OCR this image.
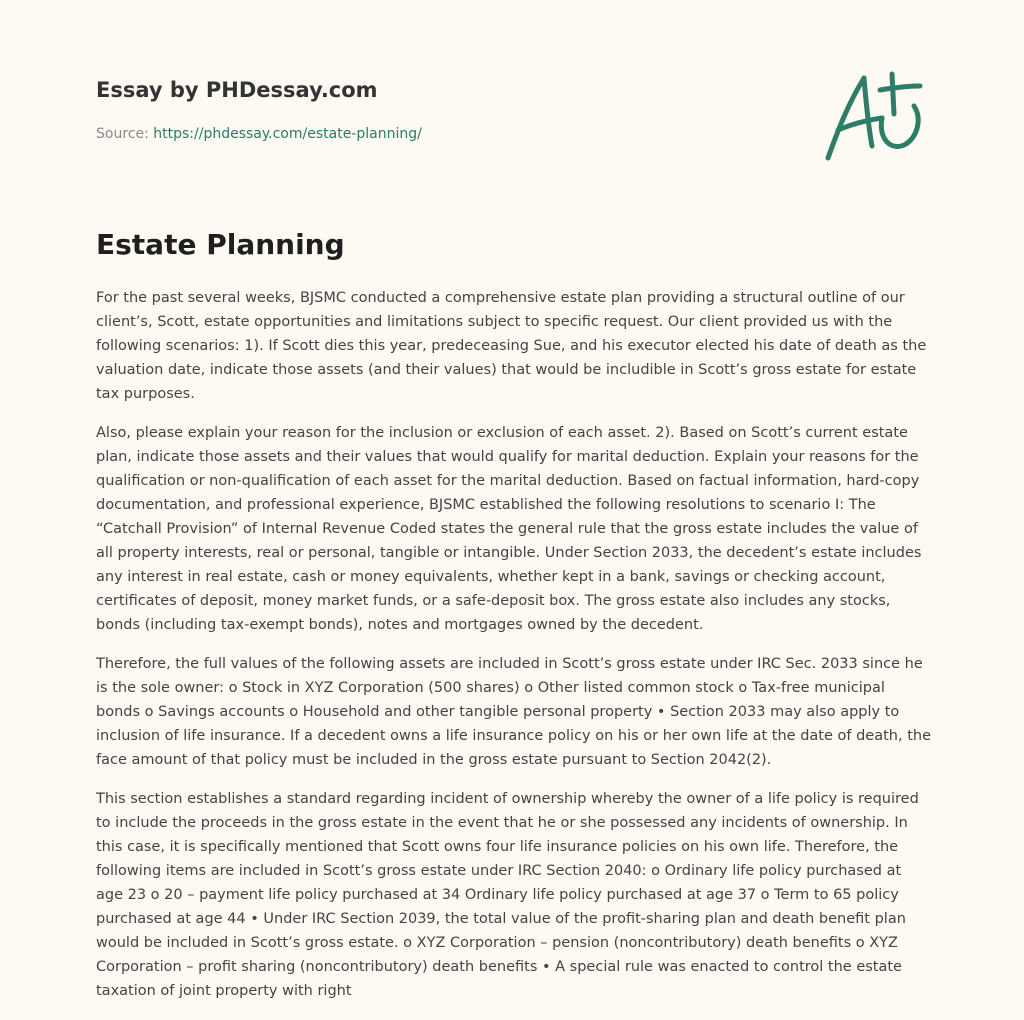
Essay by PHDessay.com
Source: https://phdessay.com/estate-planning/
Estate Planning

For the past several weeks, BJSMC conducted a comprehensive estate plan providing a structural outline of our client’s, Scott, estate opportunities and limitations subject to specific request. Our client provided us with the following scenarios: 1). If Scott dies this year, predeceasing Sue, and his executor elected his date of death as the valuation date, indicate those assets (and their values) that would be includible in Scott’s gross estate for estate tax purposes.

Also, please explain your reason for the inclusion or exclusion of each asset. 2). Based on Scott’s current estate plan, indicate those assets and their values that would qualify for marital deduction. Explain your reasons for the qualification or non-qualification of each asset for the marital deduction. Based on factual information, hard-copy documentation, and professional experience, BJSMC established the following resolutions to scenario I: The “Catchall Provision” of Internal Revenue Coded states the general rule that the gross estate includes the value of all property interests, real or personal, tangible or intangible. Under Section 2033, the decedent’s estate includes any interest in real estate, cash or money equivalents, whether kept in a bank, savings or checking account, certificates of deposit, money market funds, or a safe-deposit box. The gross estate also includes any stocks, bonds (including tax-exempt bonds), notes and mortgages owned by the decedent.

Therefore, the full values of the following assets are included in Scott’s gross estate under IRC Sec. 2033 since he is the sole owner: o Stock in XYZ Corporation (500 shares) o Other listed common stock o Tax-free municipal bonds o Savings accounts o Household and other tangible personal property • Section 2033 may also apply to inclusion of life insurance. If a decedent owns a life insurance policy on his or her own life at the date of death, the face amount of that policy must be included in the gross estate pursuant to Section 2042(2).

This section establishes a standard regarding incident of ownership whereby the owner of a life policy is required to include the proceeds in the gross estate in the event that he or she possessed any incidents of ownership. In this case, it is specifically mentioned that Scott owns four life insurance policies on his own life. Therefore, the following items are included in Scott’s gross estate under IRC Section 2040: o Ordinary life policy purchased at age 23 o 20 – payment life policy purchased at 34 Ordinary life policy purchased at age 37 o Term to 65 policy purchased at age 44 • Under IRC Section 2039, the total value of the profit-sharing plan and death benefit plan would be included in Scott’s gross estate. o XYZ Corporation – pension (noncontributory) death benefits o XYZ Corporation – profit sharing (noncontributory) death benefits • A special rule was enacted to control the estate taxation of joint property with right
